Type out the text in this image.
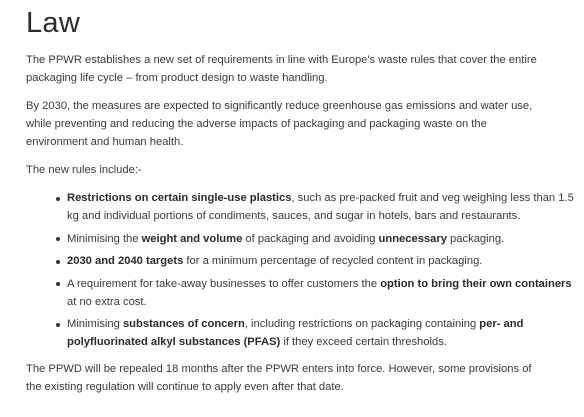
Law

The PPWR establishes a new set of requirements in line with Europe's waste rules that cover the entire packaging life cycle – from product design to waste handling.

By 2030, the measures are expected to significantly reduce greenhouse gas emissions and water use, while preventing and reducing the adverse impacts of packaging and packaging waste on the environment and human health.

The new rules include:-

Restrictions on certain single-use plastics, such as pre-packed fruit and veg weighing less than 1.5 kg and individual portions of condiments, sauces, and sugar in hotels, bars and restaurants.
Minimising the weight and volume of packaging and avoiding unnecessary packaging.
2030 and 2040 targets for a minimum percentage of recycled content in packaging.
A requirement for take-away businesses to offer customers the option to bring their own containers at no extra cost.
Minimising substances of concern, including restrictions on packaging containing per- and polyfluorinated alkyl substances (PFAS) if they exceed certain thresholds.

The PPWD will be repealed 18 months after the PPWR enters into force. However, some provisions of the existing regulation will continue to apply even after that date.
